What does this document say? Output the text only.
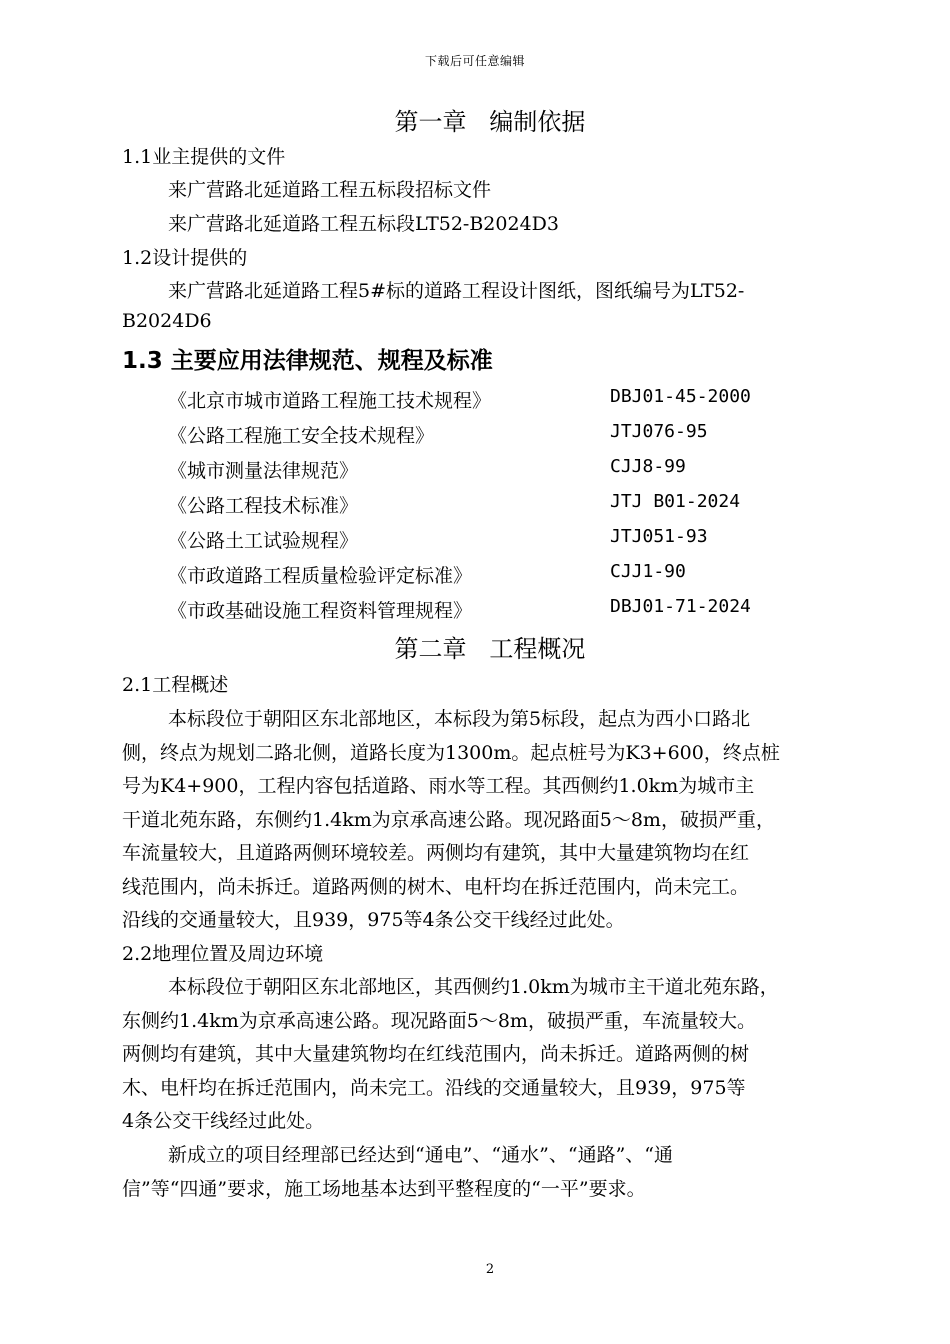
下载后可任意编辑
第一章   编制依据
1.1业主提供的文件
来广营路北延道路工程五标段招标文件
来广营路北延道路工程五标段LT52-B2024D3
1.2设计提供的
来广营路北延道路工程5#标的道路工程设计图纸，图纸编号为LT52-
B2024D6
1.3 主要应用法律规范、规程及标准
《北京市城市道路工程施工技术规程》	DBJ01-45-2000
《公路工程施工安全技术规程》	JTJ076-95
《城市测量法律规范》	CJJ8-99
《公路工程技术标准》	JTJ B01-2024
《公路土工试验规程》	JTJ051-93
《市政道路工程质量检验评定标准》	CJJ1-90
《市政基础设施工程资料管理规程》	DBJ01-71-2024
第二章   工程概况
2.1工程概述
本标段位于朝阳区东北部地区，本标段为第5标段，起点为西小口路北
侧，终点为规划二路北侧，道路长度为1300m。起点桩号为K3+600，终点桩
号为K4+900，工程内容包括道路、雨水等工程。其西侧约1.0km为城市主
干道北苑东路，东侧约1.4km为京承高速公路。现况路面5～8m，破损严重，
车流量较大，且道路两侧环境较差。两侧均有建筑，其中大量建筑物均在红
线范围内，尚未拆迁。道路两侧的树木、电杆均在拆迁范围内，尚未完工。
沿线的交通量较大，且939，975等4条公交干线经过此处。
2.2地理位置及周边环境
本标段位于朝阳区东北部地区，其西侧约1.0km为城市主干道北苑东路，
东侧约1.4km为京承高速公路。现况路面5～8m，破损严重，车流量较大。
两侧均有建筑，其中大量建筑物均在红线范围内，尚未拆迁。道路两侧的树
木、电杆均在拆迁范围内，尚未完工。沿线的交通量较大，且939，975等
4条公交干线经过此处。
新成立的项目经理部已经达到“通电”、“通水”、“通路”、“通
信”等“四通”要求，施工场地基本达到平整程度的“一平”要求。
2
